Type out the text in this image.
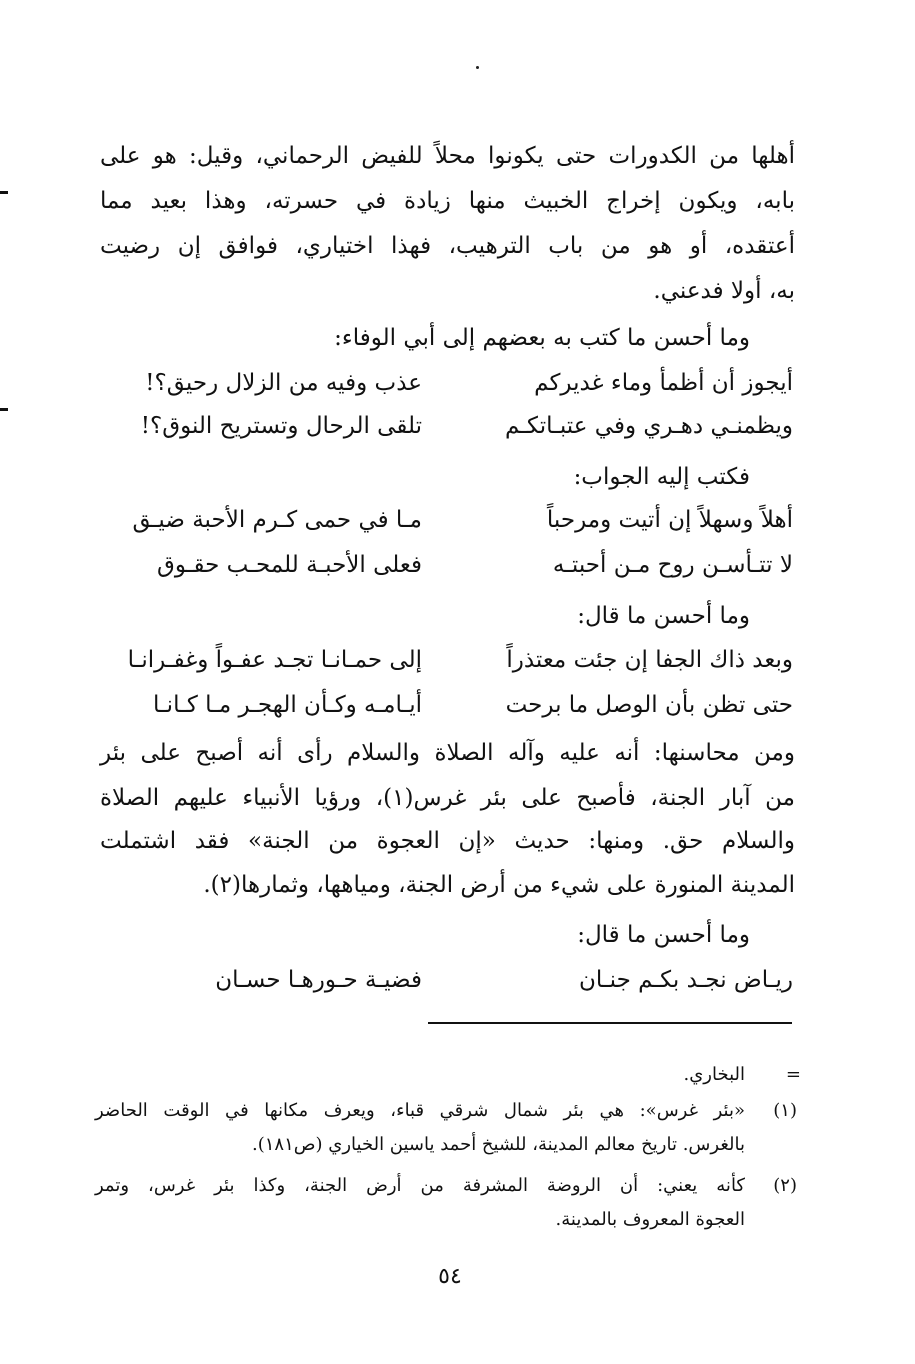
أهلها من الكدورات حتى يكونوا محلاً للفيض الرحماني، وقيل: هو على
بابه، ويكون إخراج الخبيث منها زيادة في حسرته، وهذا بعيد مما
أعتقده، أو هو من باب الترهيب، فهذا اختياري، فوافق إن رضيت
به، أولا فدعني.
وما أحسن ما كتب به بعضهم إلى أبي الوفاء:
أيجوز أن أظمأ وماء غديركم
عذب وفيه من الزلال رحيق؟!
ويظمنـي دهـري وفي عتبـاتكـم
تلقى الرحال وتستريح النوق؟!
فكتب إليه الجواب:
أهلاً وسهلاً إن أتيت ومرحباً
مـا في حمى كـرم الأحبة ضيـق
لا تتـأسـن روح مـن أحبتـه
فعلى الأحبـة للمحـب حقـوق
وما أحسن ما قال:
وبعد ذاك الجفا إن جئت معتذراً
إلى حمـانـا تجـد عفـواً وغفـرانـا
حتى تظن بأن الوصل ما برحت
أيـامـه وكـأن الهجـر مـا كـانـا
ومن محاسنها: أنه عليه وآله الصلاة والسلام رأى أنه أصبح على بئر
من آبار الجنة، فأصبح على بئر غرس(١)، ورؤيا الأنبياء عليهم الصلاة
والسلام حق. ومنها: حديث «إن العجوة من الجنة» فقد اشتملت
المدينة المنورة على شيء من أرض الجنة، ومياهها، وثمارها(٢).
وما أحسن ما قال:
ريـاض نجـد بكـم جنـان
فضيـة حـورهـا حسـان
=
البخاري.
(١)
«بئر غرس»: هي بئر شمال شرقي قباء، ويعرف مكانها في الوقت الحاضر
بالغرس. تاريخ معالم المدينة، للشيخ أحمد ياسين الخياري (ص١٨١).
(٢)
كأنه يعني: أن الروضة المشرفة من أرض الجنة، وكذا بئر غرس، وتمر
العجوة المعروف بالمدينة.
٥٤
